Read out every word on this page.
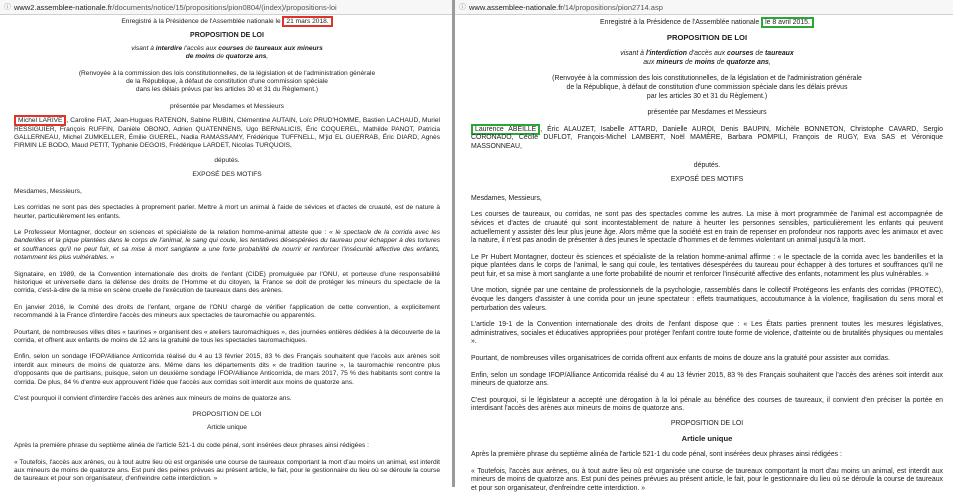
ⓘ www2.assemblee-nationale.fr /documents/notice/15/propositions/pion0804/(index)/propositions-loi
Enregistré à la Présidence de l'Assemblée nationale le 21 mars 2018.
PROPOSITION DE LOI
visant à interdire l'accès aux courses de taureaux aux mineurs
de moins de quatorze ans,
(Renvoyée à la commission des lois constitutionnelles, de la législation et de l'administration générale
de la République, à défaut de constitution d'une commission spéciale
dans les délais prévus par les articles 30 et 31 du Règlement.)
présentée par Mesdames et Messieurs
Michel LARIVE , Caroline FIAT, Jean-Hugues RATENON, Sabine RUBIN, Clémentine AUTAIN, Loïc PRUD'HOMME, Bastien LACHAUD, Muriel RESSIGUIER, François RUFFIN, Danièle OBONO, Adrien QUATENNENS, Ugo BERNALICIS, Éric COQUEREL, Mathilde PANOT, Patricia GALLERNEAU, Michel ZUMKELLER, Émilie GUEREL, Nadia RAMASSAMY, Frédérique TUFFNELL, M'jid EL GUERRAB, Éric DIARD, Agnès FIRMIN LE BODO, Maud PETIT, Typhanie DEGOIS, Frédérique LARDET, Nicolas TURQUOIS,
députés.
EXPOSÉ DES MOTIFS
Mesdames, Messieurs,
Les corridas ne sont pas des spectacles à proprement parler. Mettre à mort un animal à l'aide de sévices et d'actes de cruauté, est de nature à heurter, particulièrement les enfants.
Le Professeur Montagner, docteur en sciences et spécialiste de la relation homme-animal atteste que : « le spectacle de la corrida avec les banderilles et la pique plantées dans le corps de l'animal, le sang qui coule, les tentatives désespérées du taureau pour échapper à des tortures et souffrances qu'il ne peut fuir, et sa mise à mort sanglante a une forte probabilité de nourrir et renforcer l'insécurité affective des enfants, notamment les plus vulnérables. »
Signataire, en 1989, de la Convention internationale des droits de l'enfant (CIDE) promulguée par l'ONU, et porteuse d'une responsabilité historique et universelle dans la défense des droits de l'Homme et du citoyen, la France se doit de protéger les mineurs du spectacle de la corrida, c'est-à-dire de la mise en scène cruelle de l'exécution de taureaux dans des arènes.
En janvier 2016, le Comité des droits de l'enfant, organe de l'ONU chargé de vérifier l'application de cette convention, a explicitement recommandé à la France d'interdire l'accès des mineurs aux spectacles de tauromachie ou apparentés.
Pourtant, de nombreuses villes dites « taurines » organisent des « ateliers tauromachiques », des journées entières dédiées à la découverte de la corrida, et offrent aux enfants de moins de 12 ans la gratuité de tous les spectacles tauromachiques.
Enfin, selon un sondage IFOP/Alliance Anticorrida réalisé du 4 au 13 février 2015, 83 % des Français souhaitent que l'accès aux arènes soit interdit aux mineurs de moins de quatorze ans. Même dans les départements dits « de tradition taurine », la tauromachie rencontre plus d'opposants que de partisans, puisque, selon un deuxième sondage IFOP/Alliance Anticorrida, de mars 2017, 75 % des habitants sont contre la corrida. De plus, 84 % d'entre eux approuvent l'idée que l'accès aux corridas soit interdit aux moins de quatorze ans.
C'est pourquoi il convient d'interdire l'accès des arènes aux mineurs de moins de quatorze ans.
PROPOSITION DE LOI
Article unique
Après la première phrase du septième alinéa de l'article 521-1 du code pénal, sont insérées deux phrases ainsi rédigées :
« Toutefois, l'accès aux arènes, ou à tout autre lieu où est organisée une course de taureaux comportant la mort d'au moins un animal, est interdit aux mineurs de moins de quatorze ans. Est puni des peines prévues au présent article, le fait, pour le gestionnaire du lieu où se déroule la course de taureaux et pour son organisateur, d'enfreindre cette interdiction. »
ⓘ www.assemblee-nationale.fr /14/propositions/pion2714.asp
Enregistré à la Présidence de l'Assemblée nationale le 8 avril 2015.
PROPOSITION DE LOI
visant à l'interdiction d'accès aux courses de taureaux
aux mineurs de moins de quatorze ans,
(Renvoyée à la commission des lois constitutionnelles, de la législation et de l'administration générale
de la République, à défaut de constitution d'une commission spéciale dans les délais prévus
par les articles 30 et 31 du Règlement.)
présentée par Mesdames et Messieurs
Laurence ABEILLE , Éric ALAUZET, Isabelle ATTARD, Danielle AUROI, Denis BAUPIN, Michèle BONNETON, Christophe CAVARD, Sergio CORONADO, Cécile DUFLOT, François-Michel LAMBERT, Noël MAMÈRE, Barbara POMPILI, François de RUGY, Eva SAS et Véronique MASSONNEAU,
députés.
EXPOSÉ DES MOTIFS
Mesdames, Messieurs,
Les courses de taureaux, ou corridas, ne sont pas des spectacles comme les autres. La mise à mort programmée de l'animal est accompagnée de sévices et d'actes de cruauté qui sont incontestablement de nature à heurter les personnes sensibles, particulièrement les enfants qui peuvent actuellement y assister dès leur plus jeune âge. Alors même que la société est en train de repenser en profondeur nos rapports avec les animaux et avec la nature, il n'est pas anodin de présenter à des jeunes le spectacle d'hommes et de femmes violentant un animal jusqu'à la mort.
Le Pr Hubert Montagner, docteur ès sciences et spécialiste de la relation homme-animal affirme : « le spectacle de la corrida avec les banderilles et la pique plantées dans le corps de l'animal, le sang qui coule, les tentatives désespérées du taureau pour échapper à des tortures et souffrances qu'il ne peut fuir, et sa mise à mort sanglante a une forte probabilité de nourrir et renforcer l'insécurité affective des enfants, notamment les plus vulnérables. »
Une motion, signée par une centaine de professionnels de la psychologie, rassemblés dans le collectif Protégeons les enfants des corridas (PROTEC), évoque les dangers d'assister à une corrida pour un jeune spectateur : effets traumatiques, accoutumance à la violence, fragilisation du sens moral et perturbation des valeurs.
L'article 19-1 de la Convention internationale des droits de l'enfant dispose que : « Les États parties prennent toutes les mesures législatives, administratives, sociales et éducatives appropriées pour protéger l'enfant contre toute forme de violence, d'atteinte ou de brutalités physiques ou mentales ».
Pourtant, de nombreuses villes organisatrices de corrida offrent aux enfants de moins de douze ans la gratuité pour assister aux corridas.
Enfin, selon un sondage IFOP/Alliance Anticorrida réalisé du 4 au 13 février 2015, 83 % des Français souhaitent que l'accès des arènes soit interdit aux mineurs de quatorze ans.
C'est pourquoi, si le législateur a accepté une dérogation à la loi pénale au bénéfice des courses de taureaux, il convient d'en préciser la portée en interdisant l'accès des arènes aux mineurs de moins de quatorze ans.
PROPOSITION DE LOI
Article unique
Après la première phrase du septième alinéa de l'article 521-1 du code pénal, sont insérées deux phrases ainsi rédigées :
« Toutefois, l'accès aux arènes, ou à tout autre lieu où est organisée une course de taureaux comportant la mort d'au moins un animal, est interdit aux mineurs de moins de quatorze ans. Est puni des peines prévues au présent article, le fait, pour le gestionnaire du lieu où se déroule la course de taureaux et pour son organisateur, d'enfreindre cette interdiction. »
